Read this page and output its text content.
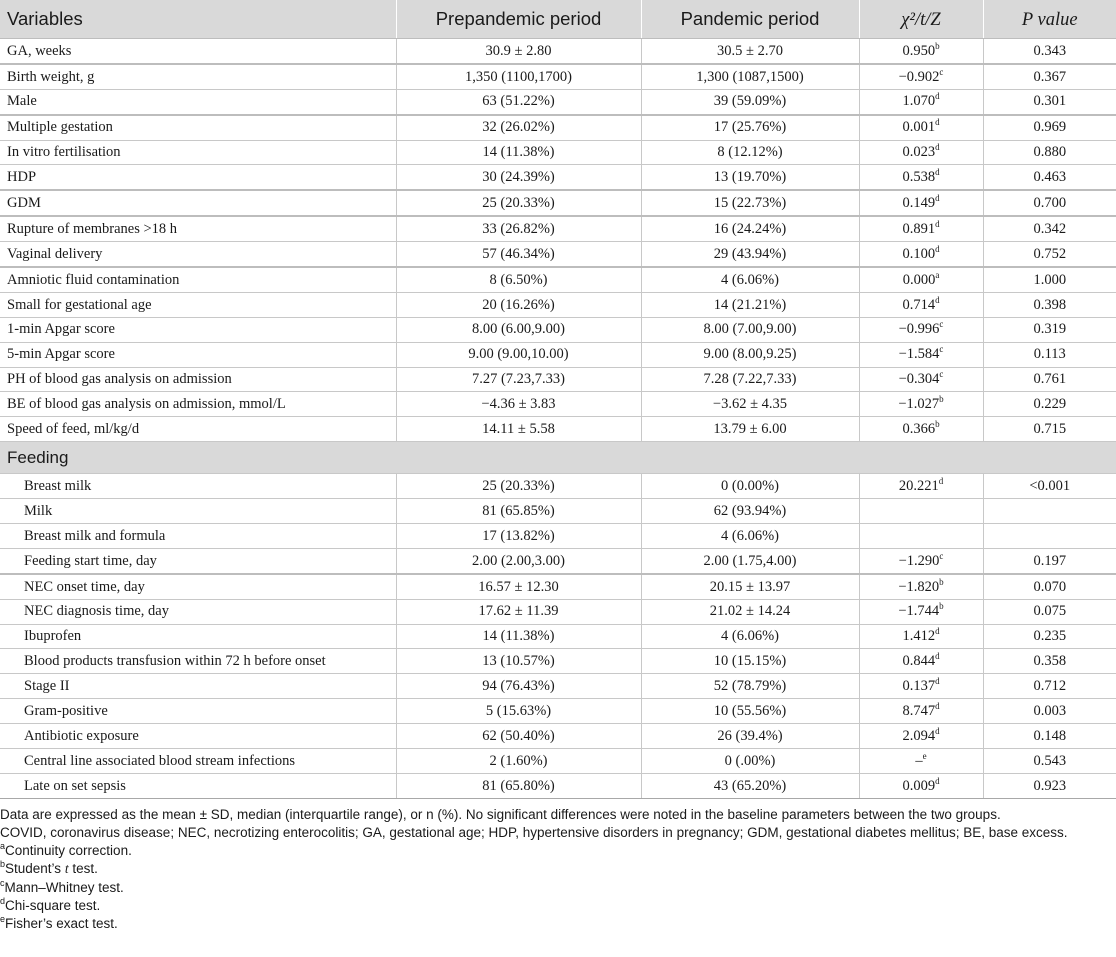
Variables	Prepandemic period	Pandemic period	χ²/t/Z	P value
GA, weeks	30.9 ± 2.80	30.5 ± 2.70	0.950$^b$	0.343
Birth weight, g	1,350 (1100,1700)	1,300 (1087,1500)	−0.902$^c$	0.367
Male	63 (51.22%)	39 (59.09%)	1.070$^d$	0.301
Multiple gestation	32 (26.02%)	17 (25.76%)	0.001$^d$	0.969
In vitro fertilisation	14 (11.38%)	8 (12.12%)	0.023$^d$	0.880
HDP	30 (24.39%)	13 (19.70%)	0.538$^d$	0.463
GDM	25 (20.33%)	15 (22.73%)	0.149$^d$	0.700
Rupture of membranes >18 h	33 (26.82%)	16 (24.24%)	0.891$^d$	0.342
Vaginal delivery	57 (46.34%)	29 (43.94%)	0.100$^d$	0.752
Amniotic fluid contamination	8 (6.50%)	4 (6.06%)	0.000$^a$	1.000
Small for gestational age	20 (16.26%)	14 (21.21%)	0.714$^d$	0.398
1-min Apgar score	8.00 (6.00,9.00)	8.00 (7.00,9.00)	−0.996$^c$	0.319
5-min Apgar score	9.00 (9.00,10.00)	9.00 (8.00,9.25)	−1.584$^c$	0.113
PH of blood gas analysis on admission	7.27 (7.23,7.33)	7.28 (7.22,7.33)	−0.304$^c$	0.761
BE of blood gas analysis on admission, mmol/L	−4.36 ± 3.83	−3.62 ± 4.35	−1.027$^b$	0.229
Speed of feed, ml/kg/d	14.11 ± 5.58	13.79 ± 6.00	0.366$^b$	0.715
Feeding				
Breast milk	25 (20.33%)	0 (0.00%)	20.221$^d$	<0.001
Milk	81 (65.85%)	62 (93.94%)		
Breast milk and formula	17 (13.82%)	4 (6.06%)		
Feeding start time, day	2.00 (2.00,3.00)	2.00 (1.75,4.00)	−1.290$^c$	0.197
NEC onset time, day	16.57 ± 12.30	20.15 ± 13.97	−1.820$^b$	0.070
NEC diagnosis time, day	17.62 ± 11.39	21.02 ± 14.24	−1.744$^b$	0.075
Ibuprofen	14 (11.38%)	4 (6.06%)	1.412$^d$	0.235
Blood products transfusion within 72 h before onset	13 (10.57%)	10 (15.15%)	0.844$^d$	0.358
Stage II	94 (76.43%)	52 (78.79%)	0.137$^d$	0.712
Gram-positive	5 (15.63%)	10 (55.56%)	8.747$^d$	0.003
Antibiotic exposure	62 (50.40%)	26 (39.4%)	2.094$^d$	0.148
Central line associated blood stream infections	2 (1.60%)	0 (.00%)	–$^e$	0.543
Late on set sepsis	81 (65.80%)	43 (65.20%)	0.009$^d$	0.923

Data are expressed as the mean ± SD, median (interquartile range), or n (%). No significant differences were noted in the baseline parameters between the two groups.

COVID, coronavirus disease; NEC, necrotizing enterocolitis; GA, gestational age; HDP, hypertensive disorders in pregnancy; GDM, gestational diabetes mellitus; BE, base excess.

$^a$Continuity correction.

$^b$Student’s t test.

$^c$Mann–Whitney test.

$^d$Chi-square test.

$^e$Fisher’s exact test.
